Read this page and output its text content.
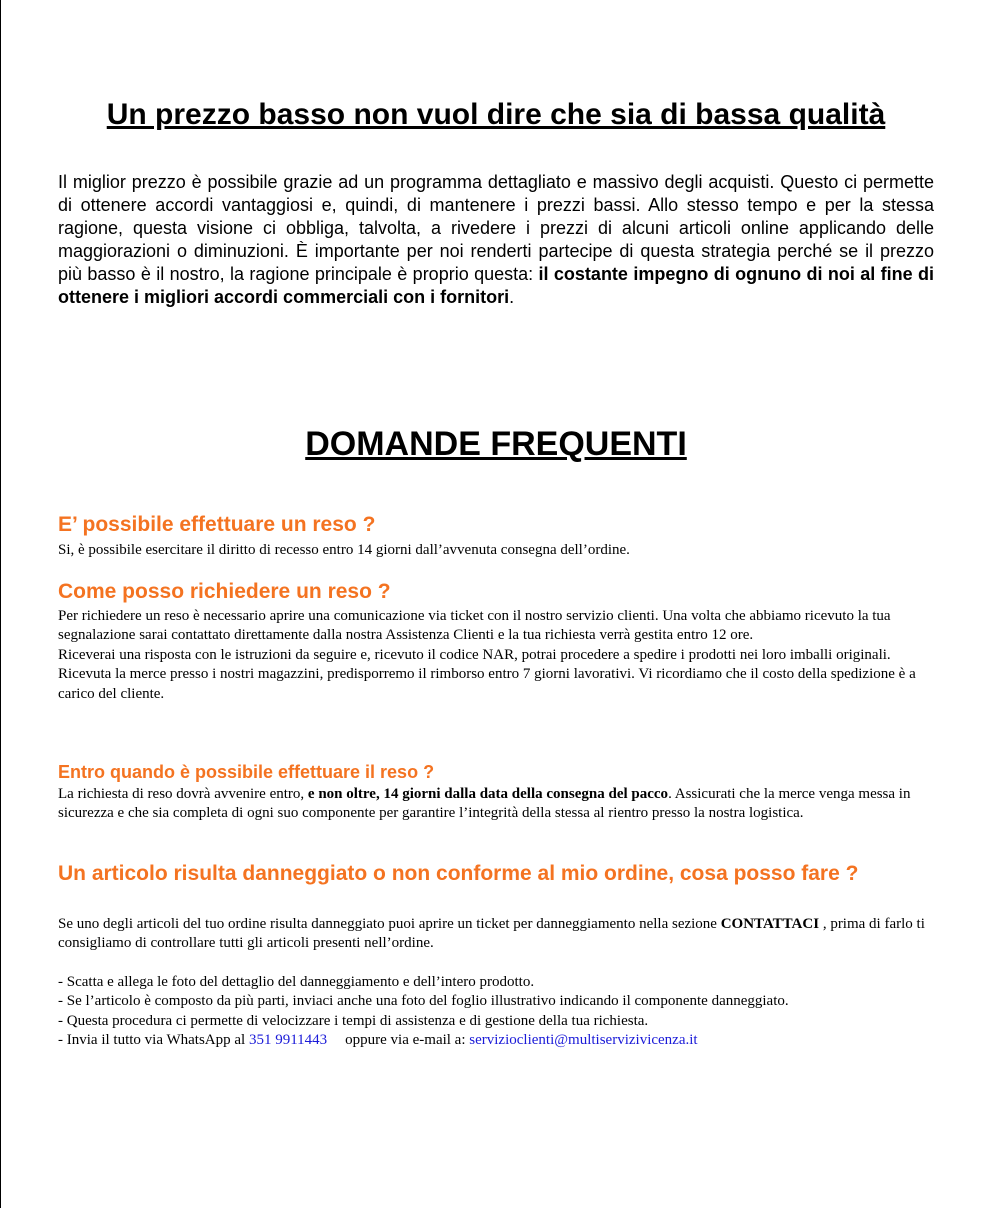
Un prezzo basso non vuol dire che sia di bassa qualità

Il miglior prezzo è possibile grazie ad un programma dettagliato e massivo degli acquisti. Questo ci permette di ottenere accordi vantaggiosi e, quindi, di mantenere i prezzi bassi. Allo stesso tempo e per la stessa ragione, questa visione ci obbliga, talvolta, a rivedere i prezzi di alcuni articoli online applicando delle maggiorazioni o diminuzioni. È importante per noi renderti partecipe di questa strategia perché se il prezzo più basso è il nostro, la ragione principale è proprio questa: il costante impegno di ognuno di noi al fine di ottenere i migliori accordi commerciali con i fornitori.

DOMANDE FREQUENTI
E’ possibile effettuare un reso ?

Si, è possibile esercitare il diritto di recesso entro 14 giorni dall’avvenuta consegna dell’ordine.

Come posso richiedere un reso ?

Per richiedere un reso è necessario aprire una comunicazione via ticket con il nostro servizio clienti. Una volta che abbiamo ricevuto la tua segnalazione sarai contattato direttamente dalla nostra Assistenza Clienti e la tua richiesta verrà gestita entro 12 ore.

Riceverai una risposta con le istruzioni da seguire e, ricevuto il codice NAR, potrai procedere a spedire i prodotti nei loro imballi originali.

Ricevuta la merce presso i nostri magazzini, predisporremo il rimborso entro 7 giorni lavorativi. Vi ricordiamo che il costo della spedizione è a carico del cliente.

Entro quando è possibile effettuare il reso ?

La richiesta di reso dovrà avvenire entro, e non oltre, 14 giorni dalla data della consegna del pacco. Assicurati che la merce venga messa in sicurezza e che sia completa di ogni suo componente per garantire l’integrità della stessa al rientro presso la nostra logistica.

Un articolo risulta danneggiato o non conforme al mio ordine, cosa posso fare ?

Se uno degli articoli del tuo ordine risulta danneggiato puoi aprire un ticket per danneggiamento nella sezione CONTATTACI , prima di farlo ti consigliamo di controllare tutti gli articoli presenti nell’ordine.

- Scatta e allega le foto del dettaglio del danneggiamento e dell’intero prodotto.
- Se l’articolo è composto da più parti, inviaci anche una foto del foglio illustrativo indicando il componente danneggiato.
- Questa procedura ci permette di velocizzare i tempi di assistenza e di gestione della tua richiesta.
- Invia il tutto via WhatsApp al 351 9911443 oppure via e-mail a: servizioclienti@multiservizivicenza.it
